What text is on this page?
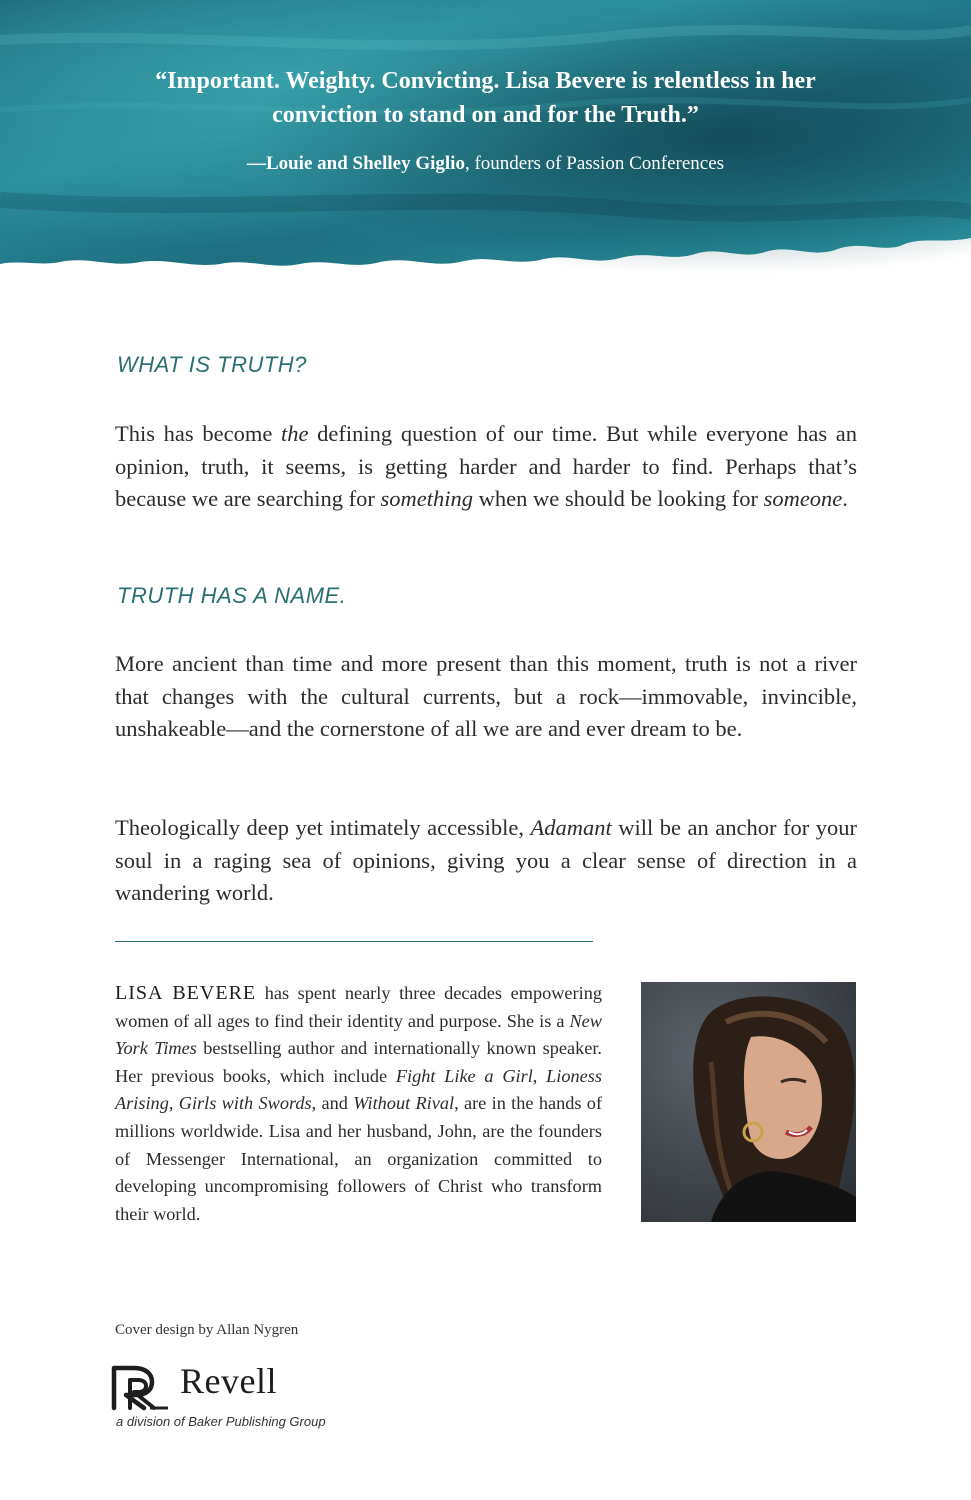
“Important. Weighty. Convicting. Lisa Bevere is relentless in her conviction to stand on and for the Truth.”
—Louie and Shelley Giglio, founders of Passion Conferences
WHAT IS TRUTH?
This has become the defining question of our time. But while everyone has an opinion, truth, it seems, is getting harder and harder to find. Perhaps that’s because we are searching for something when we should be looking for someone.
TRUTH HAS A NAME.
More ancient than time and more present than this moment, truth is not a river that changes with the cultural currents, but a rock—immovable, invincible, unshakeable—and the cornerstone of all we are and ever dream to be.
Theologically deep yet intimately accessible, Adamant will be an anchor for your soul in a raging sea of opinions, giving you a clear sense of direction in a wandering world.
LISA BEVERE has spent nearly three decades empowering women of all ages to find their identity and purpose. She is a New York Times bestselling author and internationally known speaker. Her previous books, which include Fight Like a Girl, Lioness Arising, Girls with Swords, and Without Rival, are in the hands of millions worldwide. Lisa and her husband, John, are the founders of Messenger International, an organization committed to developing uncompromising followers of Christ who transform their world.
Cover design by Allan Nygren
Revell
a division of Baker Publishing Group
